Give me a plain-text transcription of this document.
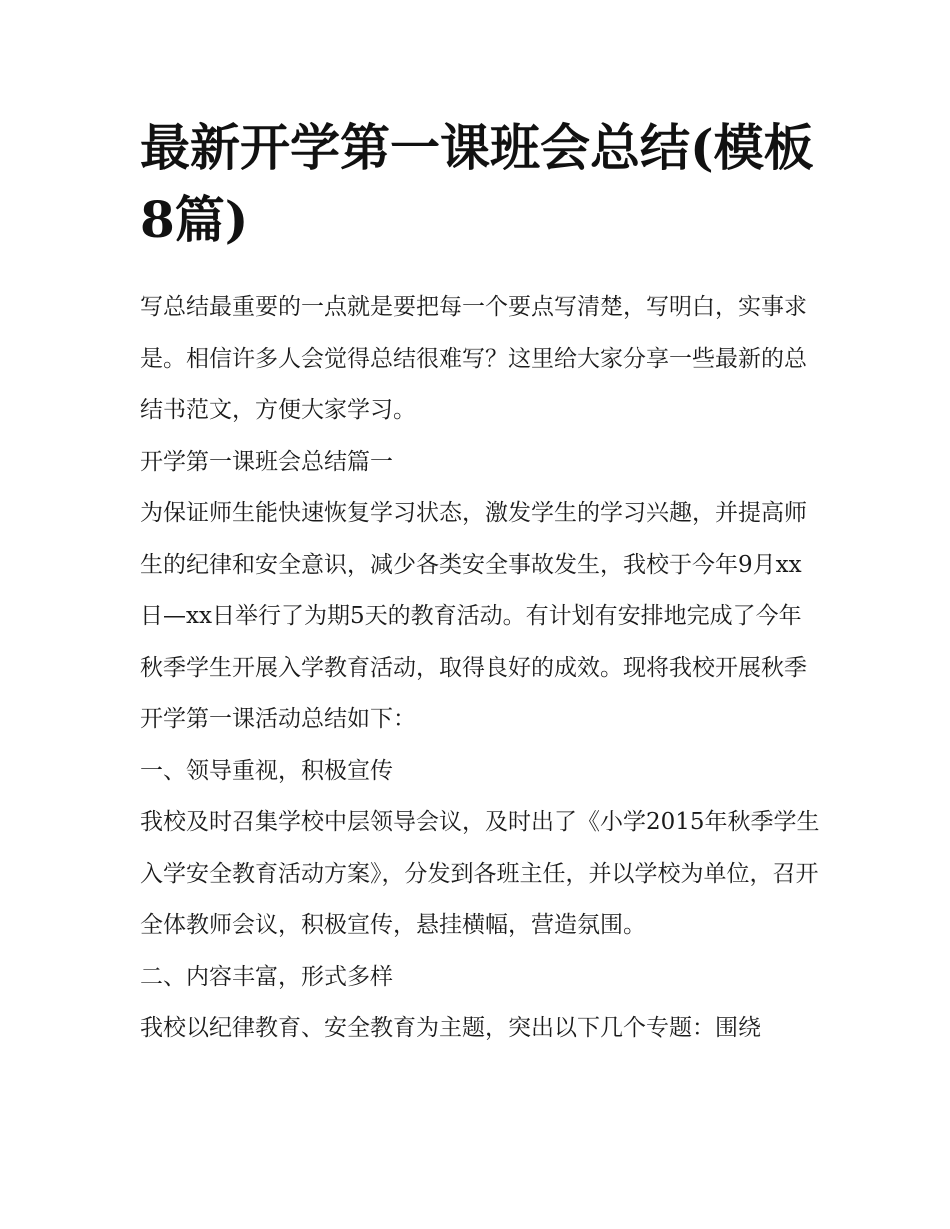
最新开学第一课班会总结(模板8篇)

写总结最重要的一点就是要把每一个要点写清楚，写明白，实事求是。相信许多人会觉得总结很难写？这里给大家分享一些最新的总结书范文，方便大家学习。

开学第一课班会总结篇一

为保证师生能快速恢复学习状态，激发学生的学习兴趣，并提高师生的纪律和安全意识，减少各类安全事故发生，我校于今年9月xx日—xx日举行了为期5天的教育活动。有计划有安排地完成了今年秋季学生开展入学教育活动，取得良好的成效。现将我校开展秋季开学第一课活动总结如下：

一、领导重视，积极宣传

我校及时召集学校中层领导会议，及时出了《小学2015年秋季学生入学安全教育活动方案》，分发到各班主任，并以学校为单位，召开全体教师会议，积极宣传，悬挂横幅，营造氛围。

二、内容丰富，形式多样

我校以纪律教育、安全教育为主题，突出以下几个专题：围绕
